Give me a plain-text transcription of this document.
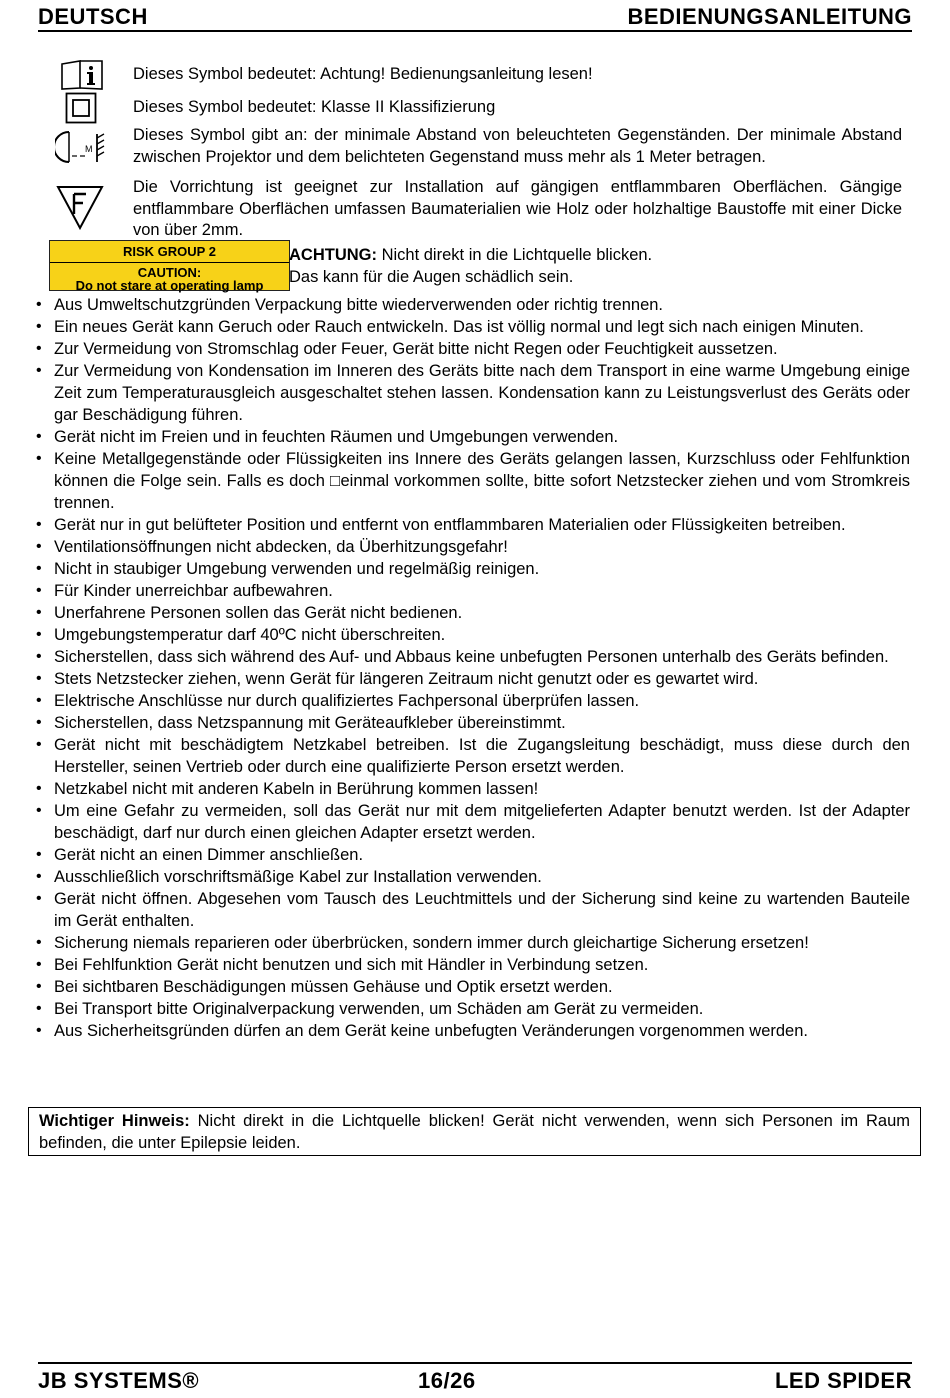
DEUTSCH	BEDIENUNGSANLEITUNG
Dieses Symbol bedeutet: Achtung! Bedienungsanleitung lesen!
Dieses Symbol bedeutet: Klasse II Klassifizierung
M
Dieses Symbol gibt an: der minimale Abstand von beleuchteten Gegenständen. Der minimale Abstand zwischen Projektor und dem belichteten Gegenstand muss mehr als 1 Meter betragen.
Die Vorrichtung ist geeignet zur Installation auf gängigen entflammbaren Oberflächen. Gängige entflammbare Oberflächen umfassen Baumaterialien wie Holz oder holzhaltige Baustoffe mit einer Dicke von über 2mm.
RISK GROUP 2
CAUTION:
Do not stare at operating lamp
ACHTUNG: Nicht direkt in die Lichtquelle blicken.
Das kann für die Augen schädlich sein.
• Aus Umweltschutzgründen Verpackung bitte wiederverwenden oder richtig trennen.
• Ein neues Gerät kann Geruch oder Rauch entwickeln. Das ist völlig normal und legt sich nach einigen Minuten.
• Zur Vermeidung von Stromschlag oder Feuer, Gerät bitte nicht Regen oder Feuchtigkeit aussetzen.
• Zur Vermeidung von Kondensation im Inneren des Geräts bitte nach dem Transport in eine warme Umgebung einige Zeit zum Temperaturausgleich ausgeschaltet stehen lassen. Kondensation kann zu Leistungsverlust des Geräts oder gar Beschädigung führen.
• Gerät nicht im Freien und in feuchten Räumen und Umgebungen verwenden.
• Keine Metallgegenstände oder Flüssigkeiten ins Innere des Geräts gelangen lassen, Kurzschluss oder Fehlfunktion können die Folge sein. Falls es doch □einmal vorkommen sollte, bitte sofort Netzstecker ziehen und vom Stromkreis trennen.
• Gerät nur in gut belüfteter Position und entfernt von entflammbaren Materialien oder Flüssigkeiten betreiben.
• Ventilationsöffnungen nicht abdecken, da Überhitzungsgefahr!
• Nicht in staubiger Umgebung verwenden und regelmäßig reinigen.
• Für Kinder unerreichbar aufbewahren.
• Unerfahrene Personen sollen das Gerät nicht bedienen.
• Umgebungstemperatur darf 40ºC nicht überschreiten.
• Sicherstellen, dass sich während des Auf- und Abbaus keine unbefugten Personen unterhalb des Geräts befinden.
• Stets Netzstecker ziehen, wenn Gerät für längeren Zeitraum nicht genutzt oder es gewartet wird.
• Elektrische Anschlüsse nur durch qualifiziertes Fachpersonal überprüfen lassen.
• Sicherstellen, dass Netzspannung mit Geräteaufkleber übereinstimmt.
• Gerät nicht mit beschädigtem Netzkabel betreiben. Ist die Zugangsleitung beschädigt, muss diese durch den Hersteller, seinen Vertrieb oder durch eine qualifizierte Person ersetzt werden.
• Netzkabel nicht mit anderen Kabeln in Berührung kommen lassen!
• Um eine Gefahr zu vermeiden, soll das Gerät nur mit dem mitgelieferten Adapter benutzt werden. Ist der Adapter beschädigt, darf nur durch einen gleichen Adapter ersetzt werden.
• Gerät nicht an einen Dimmer anschließen.
• Ausschließlich vorschriftsmäßige Kabel zur Installation verwenden.
• Gerät nicht öffnen. Abgesehen vom Tausch des Leuchtmittels und der Sicherung sind keine zu wartenden Bauteile im Gerät enthalten.
• Sicherung niemals reparieren oder überbrücken, sondern immer durch gleichartige Sicherung ersetzen!
• Bei Fehlfunktion Gerät nicht benutzen und sich mit Händler in Verbindung setzen.
• Bei sichtbaren Beschädigungen müssen Gehäuse und Optik ersetzt werden.
• Bei Transport bitte Originalverpackung verwenden, um Schäden am Gerät zu vermeiden.
• Aus Sicherheitsgründen dürfen an dem Gerät keine unbefugten Veränderungen vorgenommen werden.
Wichtiger Hinweis: Nicht direkt in die Lichtquelle blicken! Gerät nicht verwenden, wenn sich Personen im Raum befinden, die unter Epilepsie leiden.
JB SYSTEMS®	16/26	LED SPIDER
